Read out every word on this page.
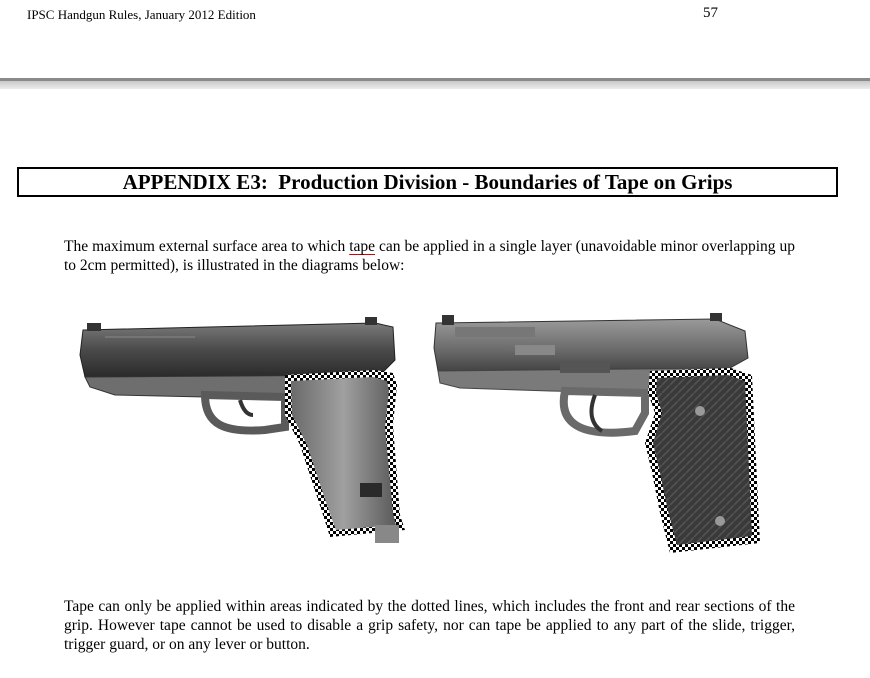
IPSC Handgun Rules, January 2012 Edition	57
APPENDIX E3:  Production Division - Boundaries of Tape on Grips
The maximum external surface area to which tape can be applied in a single layer (unavoidable minor overlapping up to 2cm permitted), is illustrated in the diagrams below:
Tape can only be applied within areas indicated by the dotted lines, which includes the front and rear sections of the grip. However tape cannot be used to disable a grip safety, nor can tape be applied to any part of the slide, trigger, trigger guard, or on any lever or button.
